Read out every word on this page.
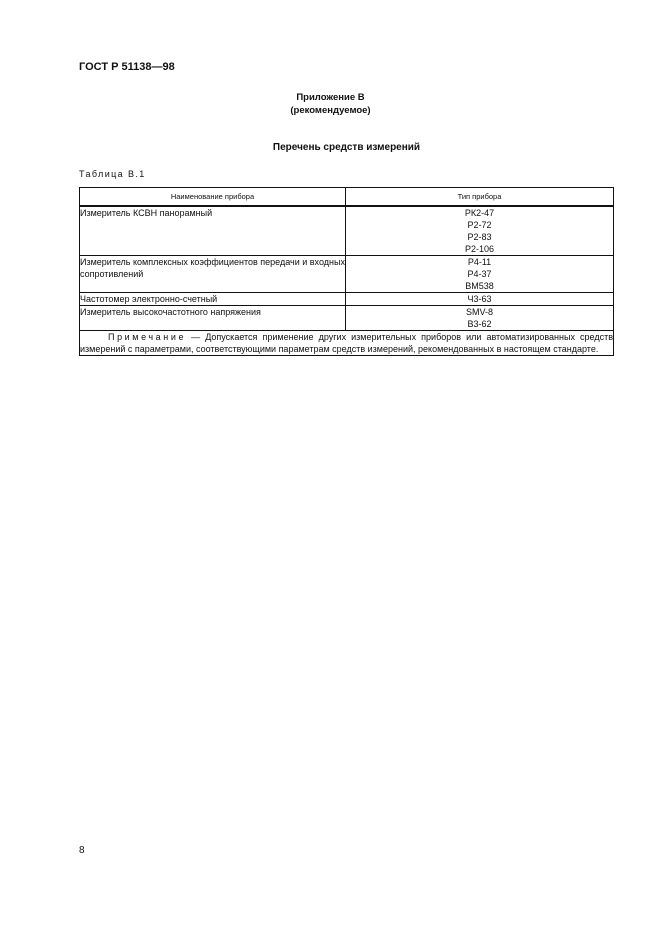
ГОСТ Р 51138—98
Приложение В
(рекомендуемое)
Перечень средств измерений
Таблица В.1
Наименование прибора	Тип прибора
Измеритель КСВН панорамный	РК2-47
Р2-72
Р2-83
Р2-106

Измеритель комплексных коэффициентов передачи и входных сопротивлений	Р4-11
Р4-37
ВМ538

Частотомер электронно-счетный	Ч3-63

Измеритель высокочастотного напряжения	SMV-8
В3-62

Примечание — Допускается применение других измерительных приборов или автоматизированных средств измерений с параметрами, соответствующими параметрам средств измерений, рекомендованных в настоящем стандарте.	
8
